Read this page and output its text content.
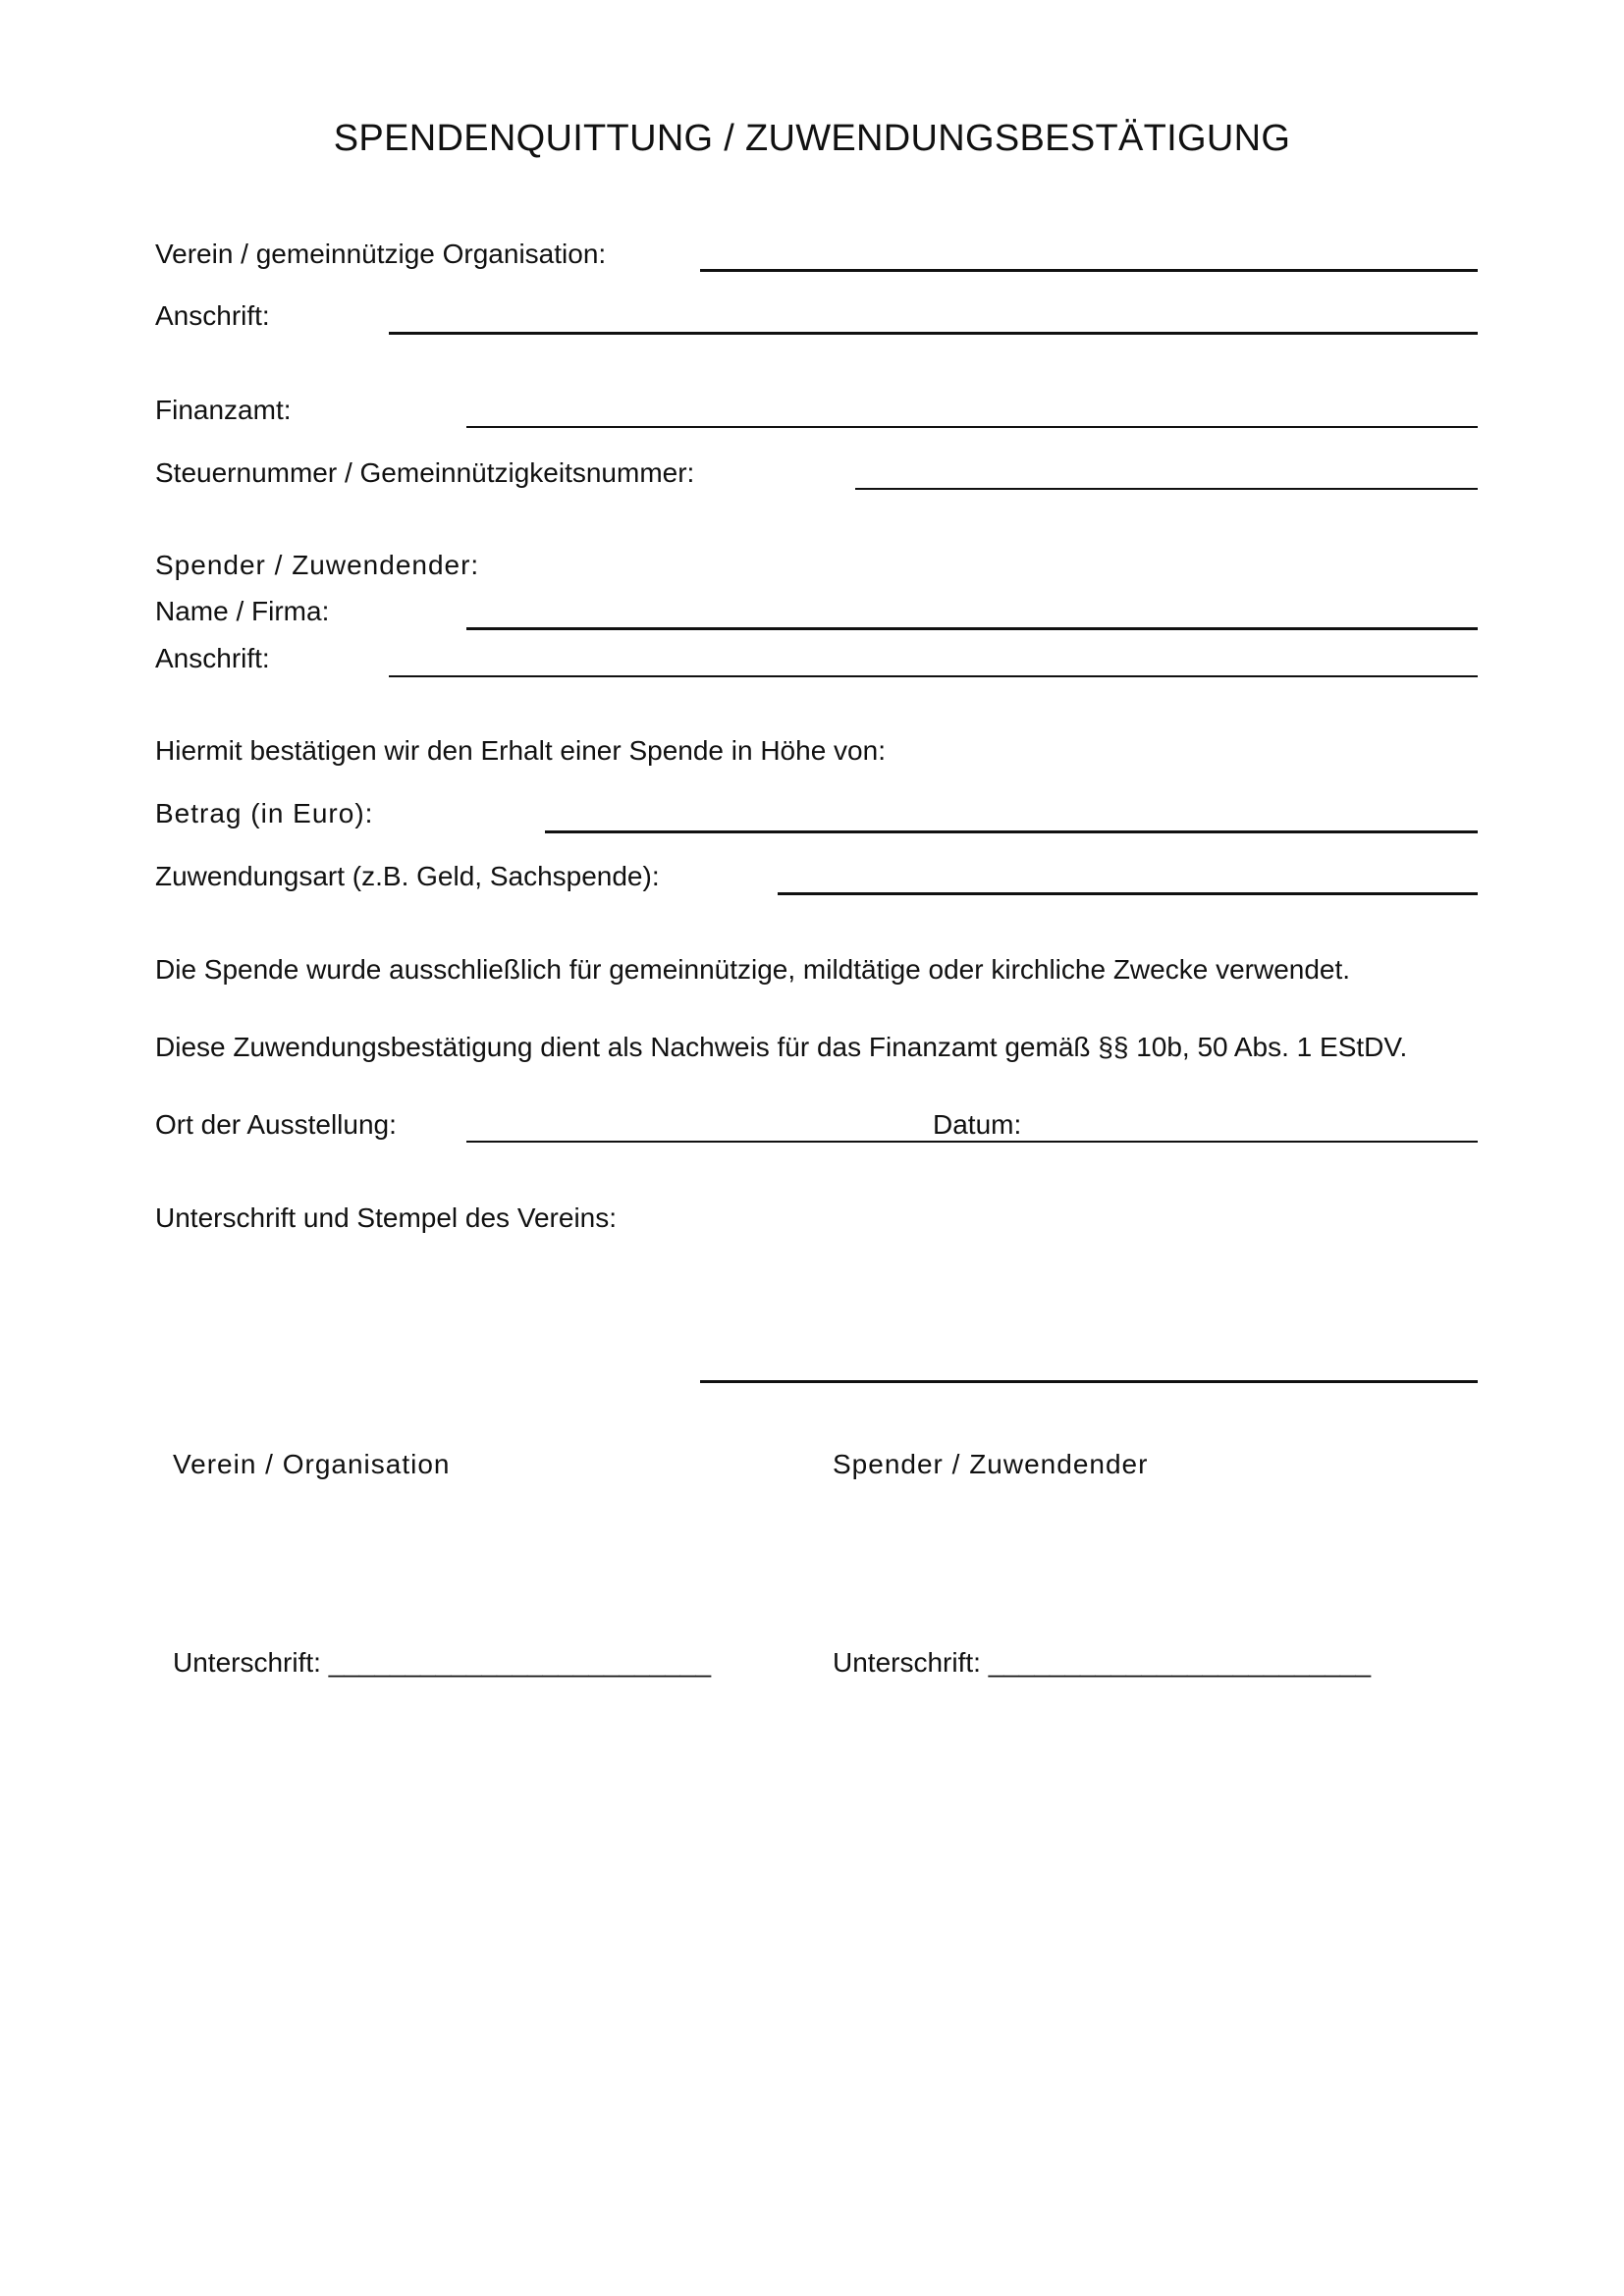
SPENDENQUITTUNG / ZUWENDUNGSBESTÄTIGUNG
Verein / gemeinnützige Organisation:
Anschrift:
Finanzamt:
Steuernummer / Gemeinnützigkeitsnummer:
Spender / Zuwendender:
Name / Firma:
Anschrift:
Hiermit bestätigen wir den Erhalt einer Spende in Höhe von:
Betrag (in Euro):
Zuwendungsart (z.B. Geld, Sachspende):
Die Spende wurde ausschließlich für gemeinnützige, mildtätige oder kirchliche Zwecke verwendet.
Diese Zuwendungsbestätigung dient als Nachweis für das Finanzamt gemäß §§ 10b, 50 Abs. 1 EStDV.
Ort der Ausstellung:	Datum:
Unterschrift und Stempel des Vereins:
Verein / Organisation	Spender / Zuwendender
Unterschrift: _________________________	Unterschrift: _________________________
